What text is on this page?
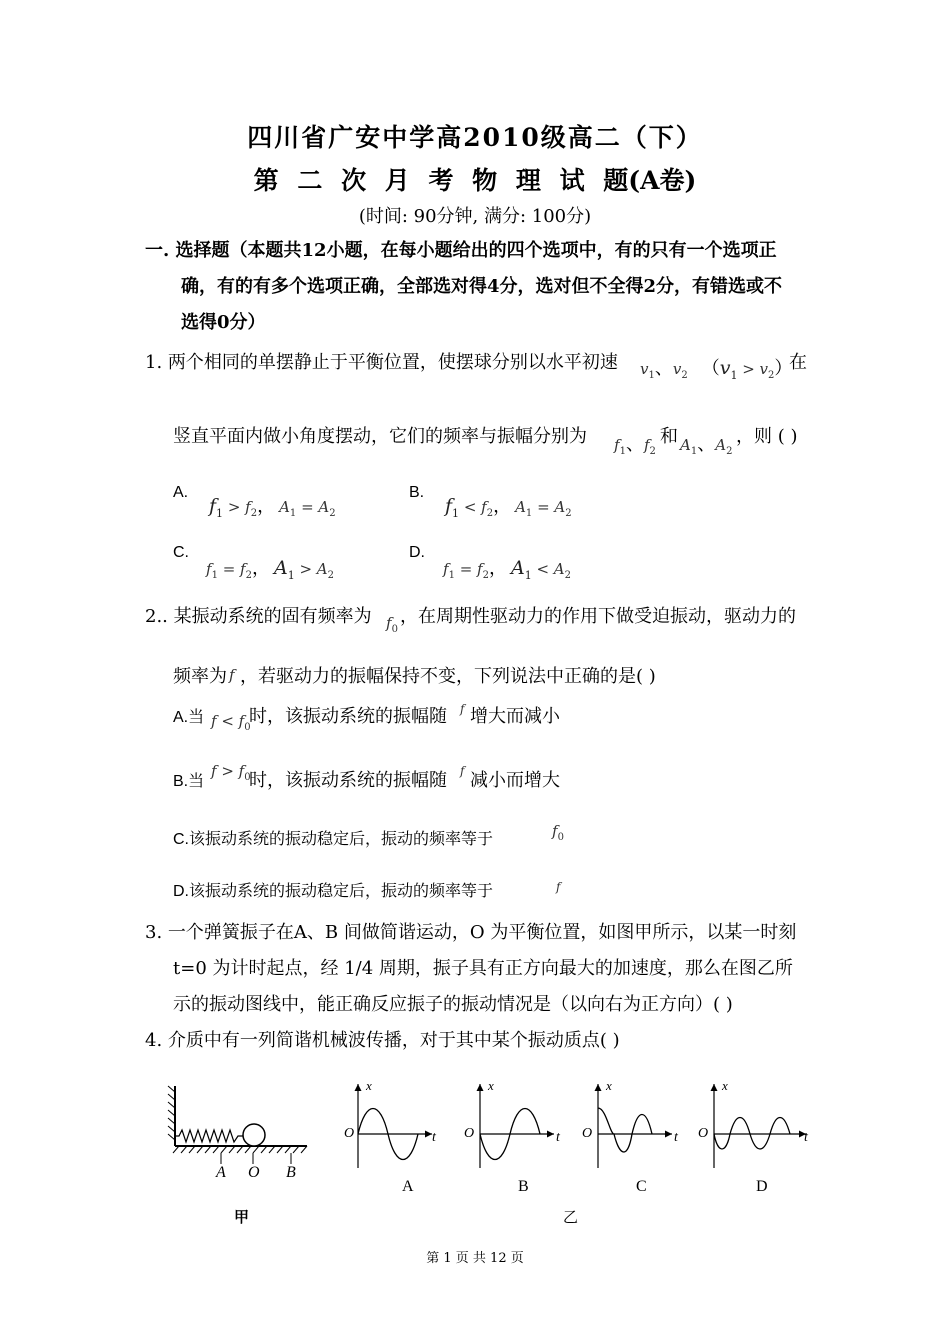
四川省广安中学高2010级高二（下）
第 二 次 月 考 物 理 试 题(A卷)
(时间: 90分钟, 满分: 100分)
一. 选择题（本题共12小题，在每小题给出的四个选项中，有的只有一个选项正
确，有的有多个选项正确，全部选对得4分，选对但不全得2分，有错选或不
选得0分）
1. 两个相同的单摆静止于平衡位置，使摆球分别以水平初速 $v_1$、$v_2$ $(v_1 > v_2)$
在
竖直平面内做小角度摆动，它们的频率与振幅分别为 $f_1$、$f_2$
和 $A_1$、$A_2$
，则 ( )
A.
$f_1 > f_2$， $A_1 = A_2$
B.
$f_1 < f_2$， $A_1 = A_2$
C.
$f_1 = f_2$， $A_1 > A_2$
D.
$f_1 = f_2$， $A_1 < A_2$
2.. 某振动系统的固有频率为 $f_0$
，在周期性驱动力的作用下做受迫振动，驱动力的
频率为 f ，若驱动力的振幅保持不变，下列说法中正确的是( )
A.当 $f < f_0$
时，该振动系统的振幅随 f 增大而减小
B.当
$f > f_0$
时，该振动系统的振幅随 f 减小而增大
C.该振动系统的振动稳定后，振动的频率等于	$f_0$
D.该振动系统的振动稳定后，振动的频率等于	f
3. 一个弹簧振子在A、B 间做简谐运动，O 为平衡位置，如图甲所示，以某一时刻
t=0 为计时起点，经 1/4 周期，振子具有正方向最大的加速度，那么在图乙所
示的振动图线中，能正确反应振子的振动情况是（以向右为正方向）( )
4. 介质中有一列简谐机械波传播，对于其中某个振动质点( )
A O B
甲
x
O	t
x
O	t
x
O	t
x
O	t
A	B	C	D
乙
第 1 页 共 12 页
